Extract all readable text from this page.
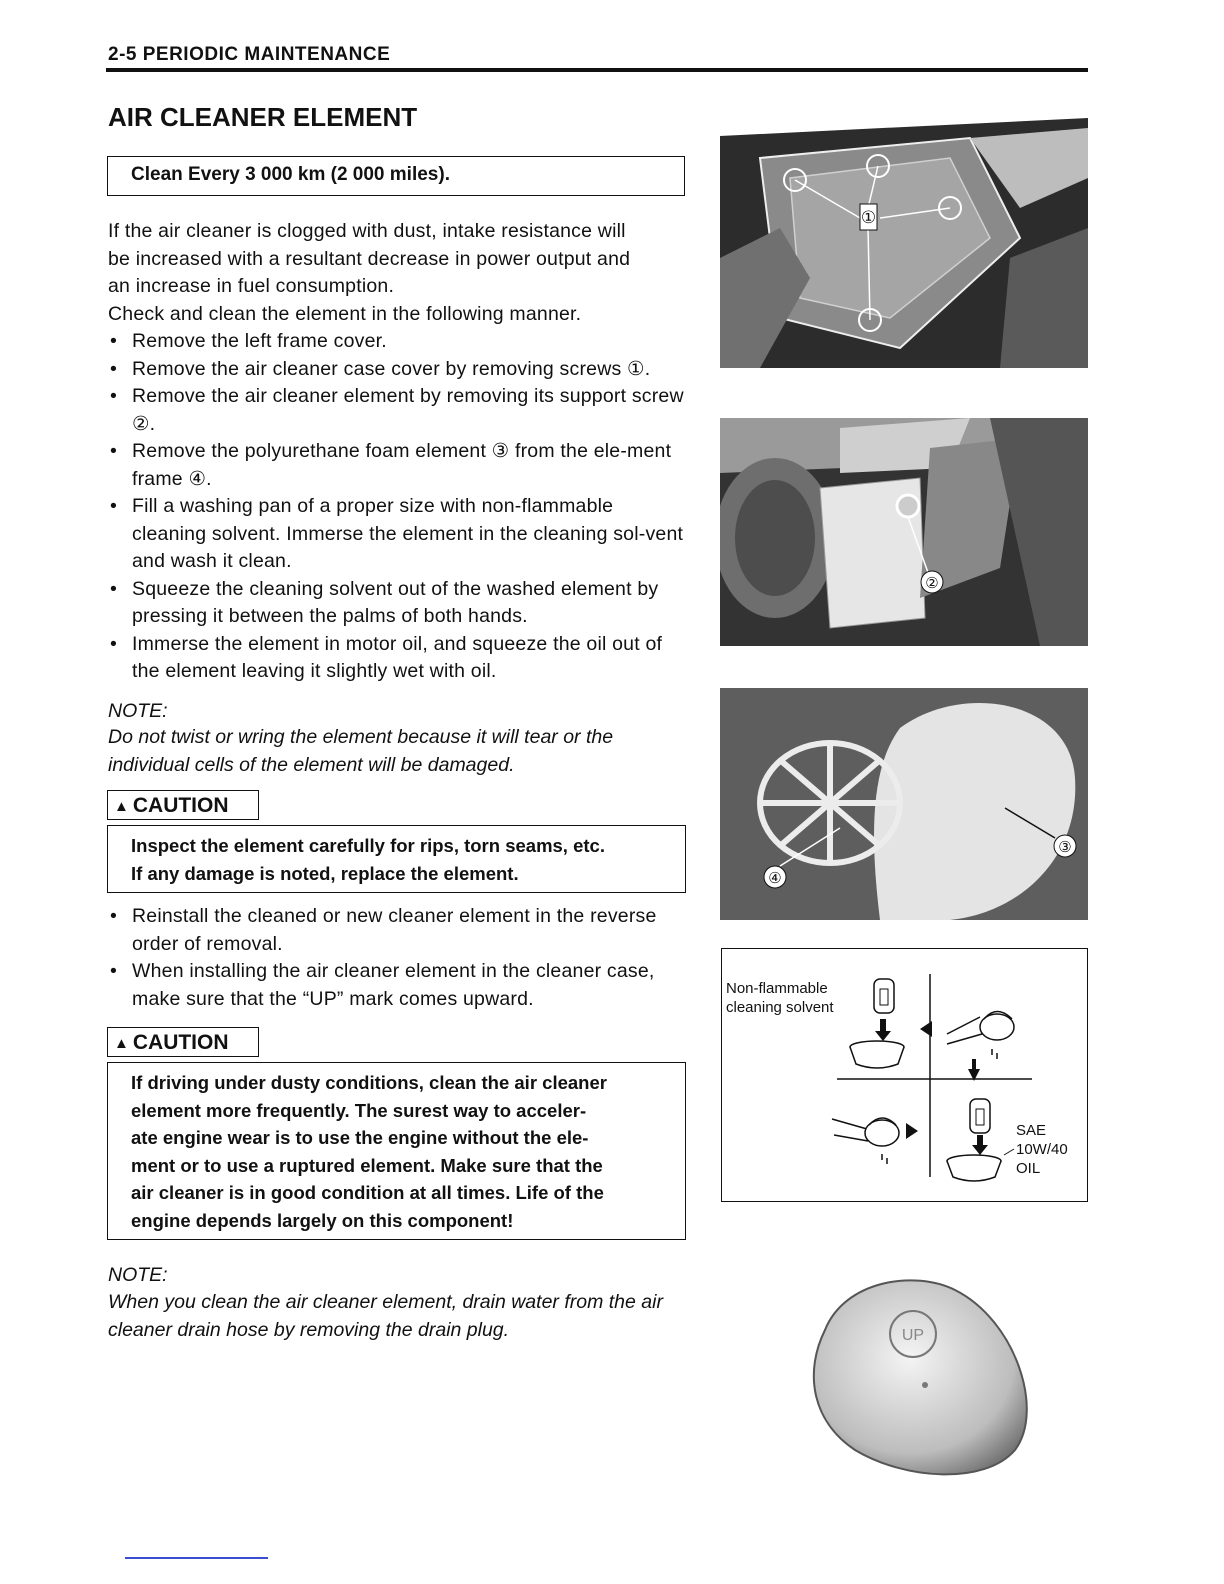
2-5 PERIODIC MAINTENANCE
AIR CLEANER ELEMENT
Clean Every 3 000 km (2 000 miles).
If the air cleaner is clogged with dust, intake resistance will
be increased with a resultant decrease in power output and
an increase in fuel consumption.
Check and clean the element in the following manner.
• Remove the left frame cover.
• Remove the air cleaner case cover by removing screws ①.
• Remove the air cleaner element by removing its support screw ②.
• Remove the polyurethane foam element ③ from the ele-ment frame ④.
• Fill a washing pan of a proper size with non-flammable cleaning solvent. Immerse the element in the cleaning sol-vent and wash it clean.
• Squeeze the cleaning solvent out of the washed element by pressing it between the palms of both hands.
• Immerse the element in motor oil, and squeeze the oil out of the element leaving it slightly wet with oil.
NOTE:
Do not twist or wring the element because it will tear or the individual cells of the element will be damaged.
▲ CAUTION
Inspect the element carefully for rips, torn seams, etc.
If any damage is noted, replace the element.
• Reinstall the cleaned or new cleaner element in the reverse order of removal.
• When installing the air cleaner element in the cleaner case, make sure that the “UP” mark comes upward.
▲ CAUTION
If driving under dusty conditions, clean the air cleaner
element more frequently. The surest way to acceler-
ate engine wear is to use the engine without the ele-
ment or to use a ruptured element. Make sure that the
air cleaner is in good condition at all times. Life of the
engine depends largely on this component!
NOTE:
When you clean the air cleaner element, drain water from the air cleaner drain hose by removing the drain plug.
①
②
④
③
Non-flammable
cleaning solvent
SAE
10W/40
OIL
UP
